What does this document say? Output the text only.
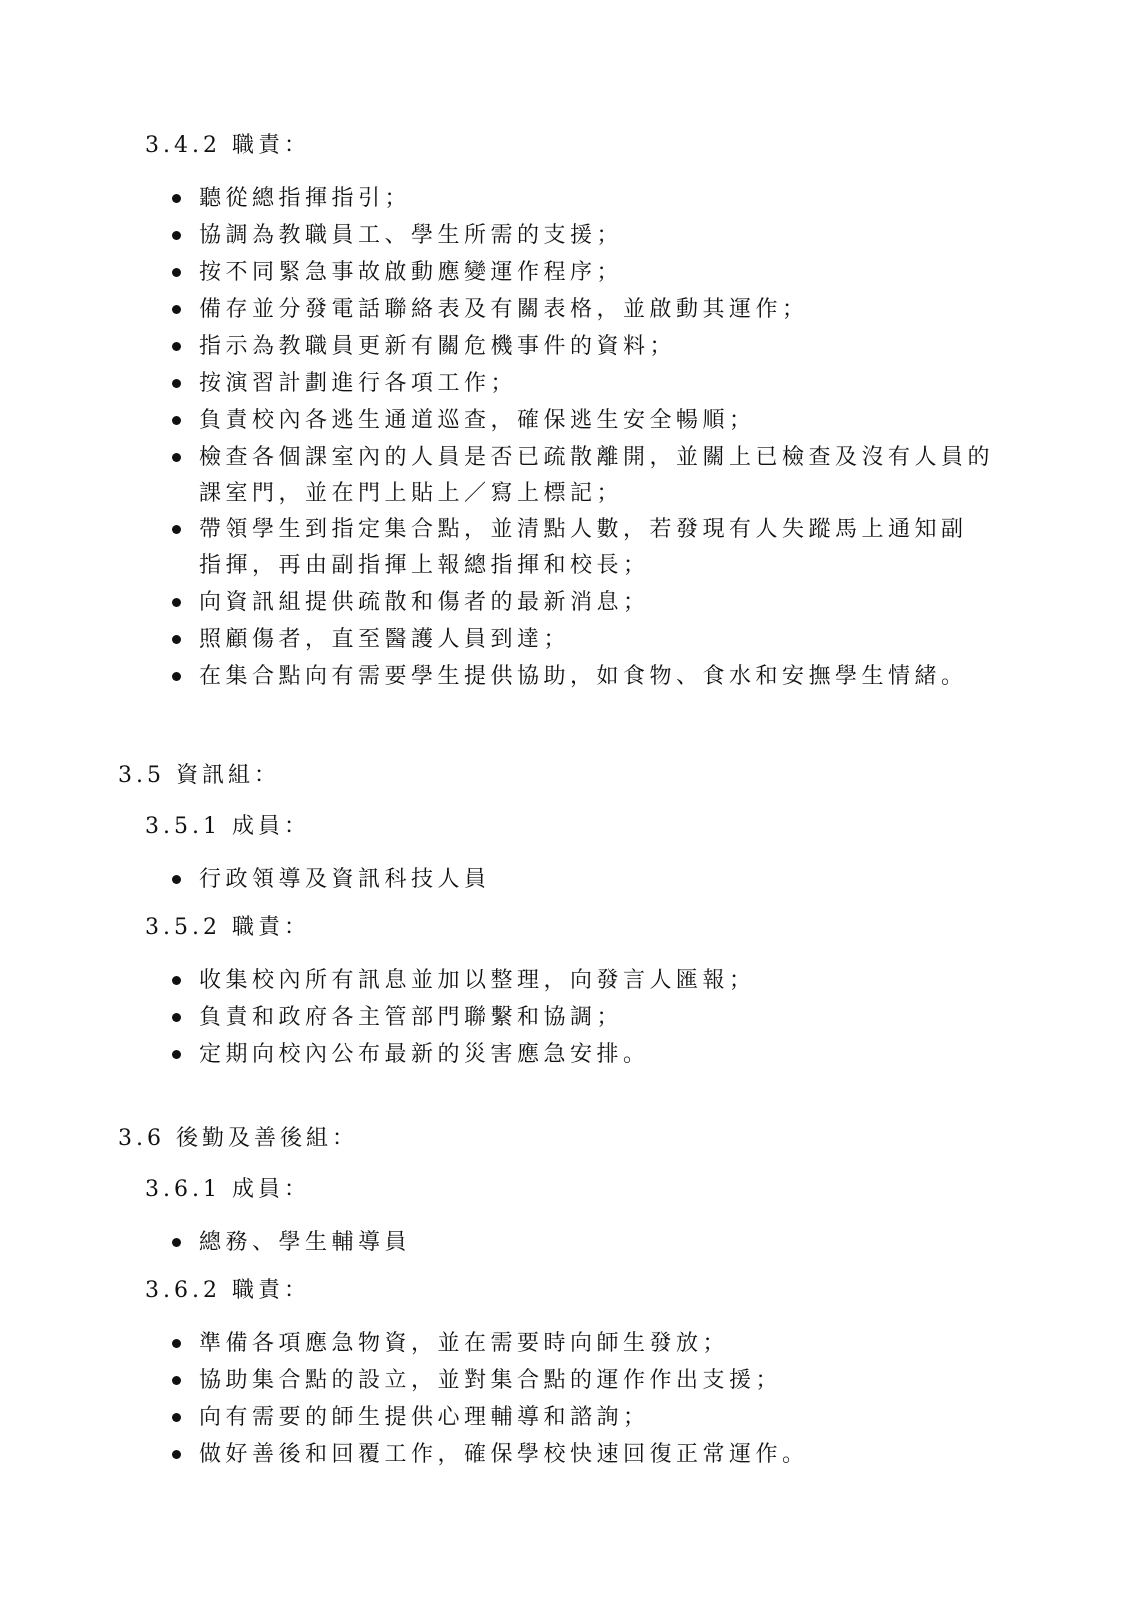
3.4.2 職責：
聽從總指揮指引；
協調為教職員工、學生所需的支援；
按不同緊急事故啟動應變運作程序；
備存並分發電話聯絡表及有關表格，並啟動其運作；
指示為教職員更新有關危機事件的資料；
按演習計劃進行各項工作；
負責校內各逃生通道巡查，確保逃生安全暢順；
檢查各個課室內的人員是否已疏散離開，並關上已檢查及沒有人員的課室門，並在門上貼上／寫上標記；
帶領學生到指定集合點，並清點人數，若發現有人失蹤馬上通知副指揮，再由副指揮上報總指揮和校長；
向資訊組提供疏散和傷者的最新消息；
照顧傷者，直至醫護人員到達；
在集合點向有需要學生提供協助，如食物、食水和安撫學生情緒。
3.5 資訊組：
3.5.1 成員：
行政領導及資訊科技人員
3.5.2 職責：
收集校內所有訊息並加以整理，向發言人匯報；
負責和政府各主管部門聯繫和協調；
定期向校內公布最新的災害應急安排。
3.6 後勤及善後組：
3.6.1 成員：
總務、學生輔導員
3.6.2 職責：
準備各項應急物資，並在需要時向師生發放；
協助集合點的設立，並對集合點的運作作出支援；
向有需要的師生提供心理輔導和諮詢；
做好善後和回覆工作，確保學校快速回復正常運作。
